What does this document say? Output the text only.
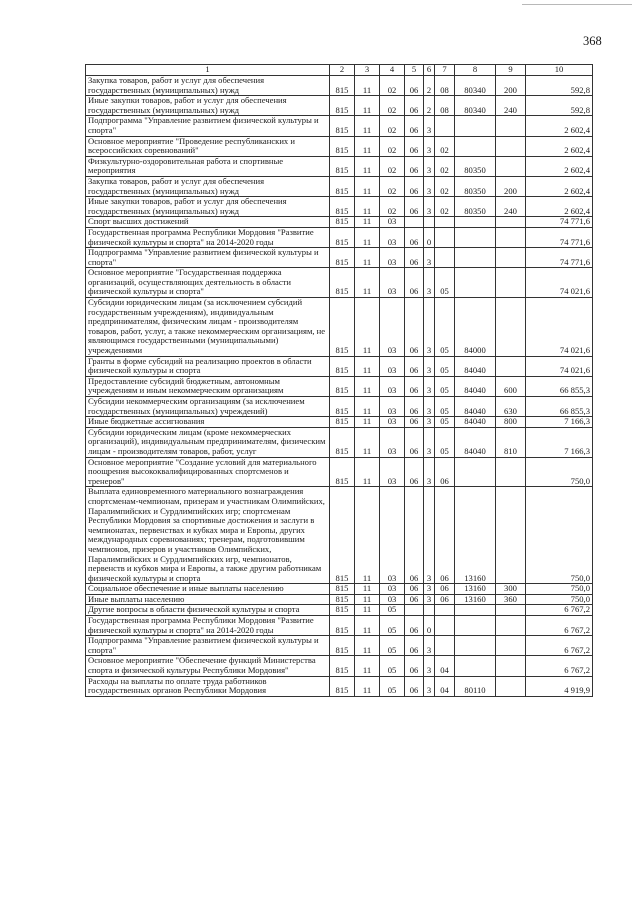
368
1	2	3	4	5	6	7	8	9	10
Закупка товаров, работ и услуг для обеспечения государственных (муниципальных) нужд	815	11	02	06	2	08	80340	200	592,8
Иные закупки товаров, работ и услуг для обеспечения государственных (муниципальных) нужд	815	11	02	06	2	08	80340	240	592,8
Подпрограмма "Управление развитием физической культуры и спорта"	815	11	02	06	3				2 602,4
Основное мероприятие "Проведение республиканских и всероссийских соревнований"	815	11	02	06	3	02			2 602,4
Физкультурно-оздоровительная работа и спортивные мероприятия	815	11	02	06	3	02	80350		2 602,4
Закупка товаров, работ и услуг для обеспечения государственных (муниципальных) нужд	815	11	02	06	3	02	80350	200	2 602,4
Иные закупки товаров, работ и услуг для обеспечения государственных (муниципальных) нужд	815	11	02	06	3	02	80350	240	2 602,4
Спорт высших достижений	815	11	03						74 771,6
Государственная программа Республики Мордовия "Развитие физической культуры и спорта" на 2014-2020 годы	815	11	03	06	0				74 771,6
Подпрограмма "Управление развитием физической культуры и спорта"	815	11	03	06	3				74 771,6
Основное мероприятие "Государственная поддержка организаций, осуществляющих деятельность в области физической культуры и спорта"	815	11	03	06	3	05			74 021,6
Субсидии юридическим лицам (за исключением субсидий государственным учреждениям), индивидуальным предпринимателям, физическим лицам - производителям товаров, работ, услуг, а также некоммерческим организациям, не являющимся государственными (муниципальными) учреждениями	815	11	03	06	3	05	84000		74 021,6
Гранты в форме субсидий на реализацию проектов в области физической культуры и спорта	815	11	03	06	3	05	84040		74 021,6
Предоставление субсидий бюджетным, автономным учреждениям и иным некоммерческим организациям	815	11	03	06	3	05	84040	600	66 855,3
Субсидии некоммерческим организациям (за исключением государственных (муниципальных) учреждений)	815	11	03	06	3	05	84040	630	66 855,3
Иные бюджетные ассигнования	815	11	03	06	3	05	84040	800	7 166,3
Субсидии юридическим лицам (кроме некоммерческих организаций), индивидуальным предпринимателям, физическим лицам - производителям товаров, работ, услуг	815	11	03	06	3	05	84040	810	7 166,3
Основное мероприятие "Создание условий для материального поощрения высококвалифицированных спортсменов и тренеров"	815	11	03	06	3	06			750,0
Выплата единовременного материального вознаграждения спортсменам-чемпионам, призерам и участникам Олимпийских, Паралимпийских и Сурдлимпийских игр; спортсменам Республики Мордовия за спортивные достижения и заслуги в чемпионатах, первенствах и кубках мира и Европы, других международных соревнованиях; тренерам, подготовившим чемпионов, призеров и участников Олимпийских, Паралимпийских и Сурдлимпийских игр, чемпионатов, первенств и кубков мира и Европы, а также другим работникам физической культуры и спорта	815	11	03	06	3	06	13160		750,0
Социальное обеспечение и иные выплаты населению	815	11	03	06	3	06	13160	300	750,0
Иные выплаты населению	815	11	03	06	3	06	13160	360	750,0
Другие вопросы в области физической культуры и спорта	815	11	05						6 767,2
Государственная программа Республики Мордовия "Развитие физической культуры и спорта" на 2014-2020 годы	815	11	05	06	0				6 767,2
Подпрограмма "Управление развитием физической культуры и спорта"	815	11	05	06	3				6 767,2
Основное мероприятие "Обеспечение функций Министерства спорта и физической культуры Республики Мордовия"	815	11	05	06	3	04			6 767,2
Расходы на выплаты по оплате труда работников государственных органов Республики Мордовия	815	11	05	06	3	04	80110		4 919,9
